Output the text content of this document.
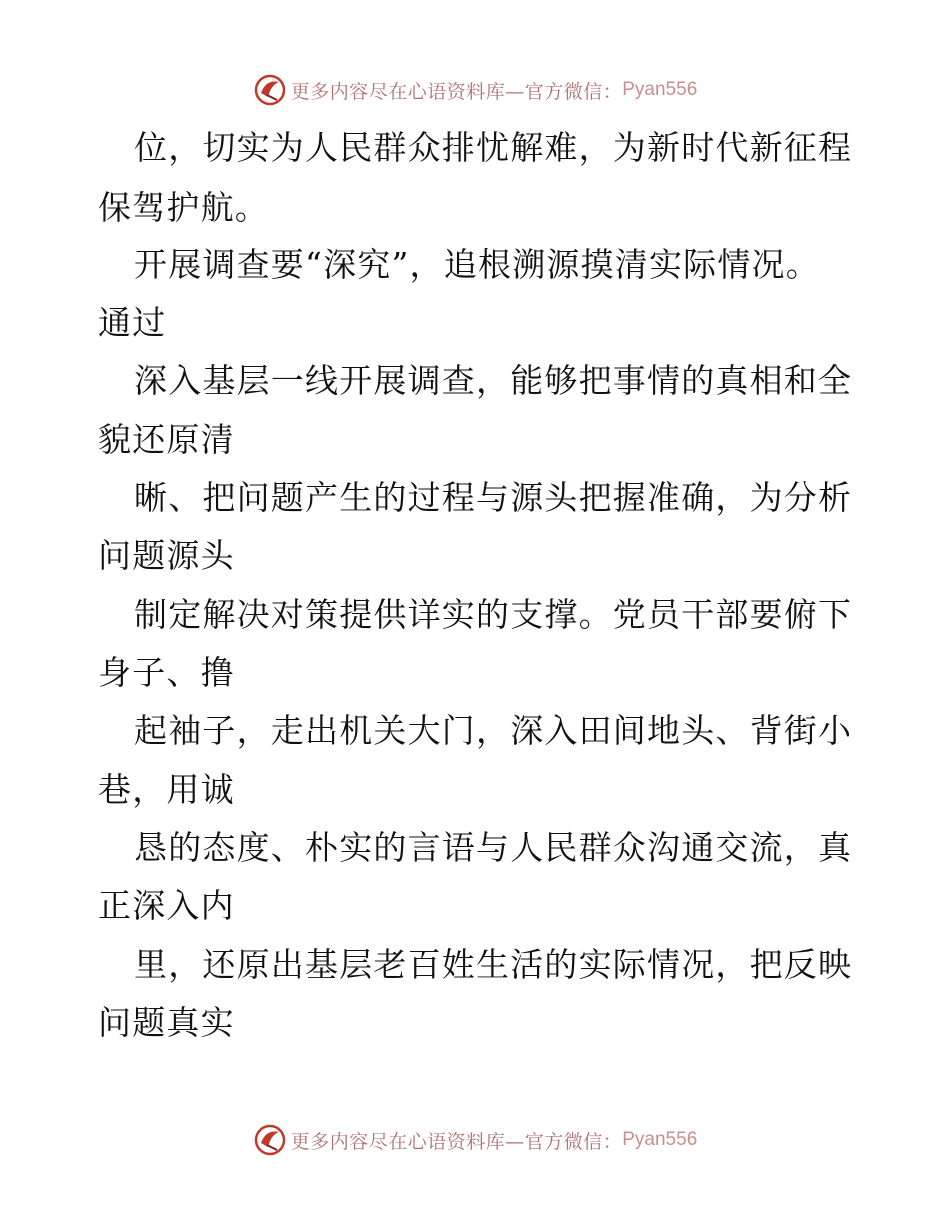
更多内容尽在心语资料库—官方微信： Pyan556
位，切实为人民群众排忧解难，为新时代新征程
保驾护航。
开展调查要“深究”，追根溯源摸清实际情况。
通过
深入基层一线开展调查，能够把事情的真相和全
貌还原清
晰、把问题产生的过程与源头把握准确，为分析
问题源头
制定解决对策提供详实的支撑。党员干部要俯下
身子、撸
起袖子，走出机关大门，深入田间地头、背街小
巷，用诚
恳的态度、朴实的言语与人民群众沟通交流，真
正深入内
里，还原出基层老百姓生活的实际情况，把反映
问题真实
更多内容尽在心语资料库—官方微信： Pyan556
